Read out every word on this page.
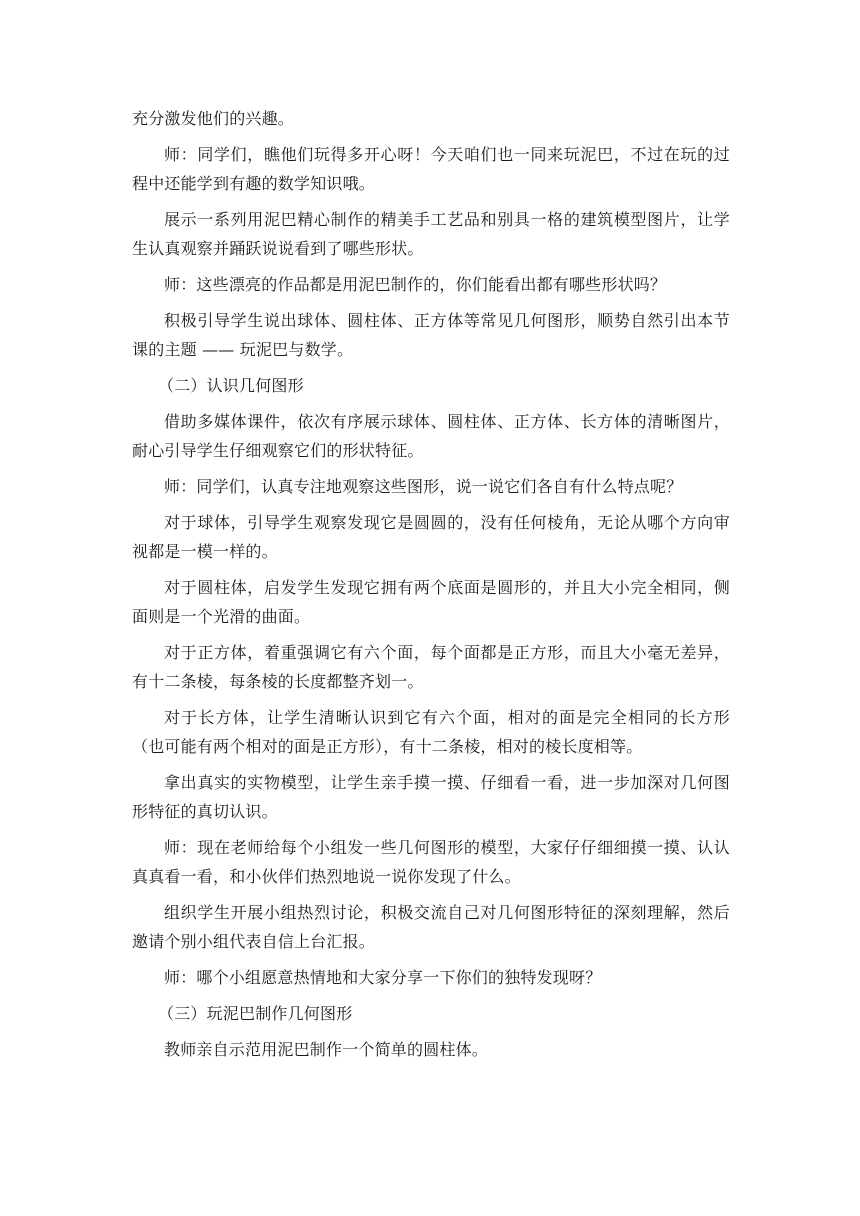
充分激发他们的兴趣。

师：同学们，瞧他们玩得多开心呀！今天咱们也一同来玩泥巴，不过在玩的过程中还能学到有趣的数学知识哦。

展示一系列用泥巴精心制作的精美手工艺品和别具一格的建筑模型图片，让学生认真观察并踊跃说说看到了哪些形状。

师：这些漂亮的作品都是用泥巴制作的，你们能看出都有哪些形状吗？

积极引导学生说出球体、圆柱体、正方体等常见几何图形，顺势自然引出本节课的主题 —— 玩泥巴与数学。

（二）认识几何图形

借助多媒体课件，依次有序展示球体、圆柱体、正方体、长方体的清晰图片，耐心引导学生仔细观察它们的形状特征。

师：同学们，认真专注地观察这些图形，说一说它们各自有什么特点呢？

对于球体，引导学生观察发现它是圆圆的，没有任何棱角，无论从哪个方向审视都是一模一样的。

对于圆柱体，启发学生发现它拥有两个底面是圆形的，并且大小完全相同，侧面则是一个光滑的曲面。

对于正方体，着重强调它有六个面，每个面都是正方形，而且大小毫无差异，有十二条棱，每条棱的长度都整齐划一。

对于长方体，让学生清晰认识到它有六个面，相对的面是完全相同的长方形（也可能有两个相对的面是正方形），有十二条棱，相对的棱长度相等。

拿出真实的实物模型，让学生亲手摸一摸、仔细看一看，进一步加深对几何图形特征的真切认识。

师：现在老师给每个小组发一些几何图形的模型，大家仔仔细细摸一摸、认认真真看一看，和小伙伴们热烈地说一说你发现了什么。

组织学生开展小组热烈讨论，积极交流自己对几何图形特征的深刻理解，然后邀请个别小组代表自信上台汇报。

师：哪个小组愿意热情地和大家分享一下你们的独特发现呀？

（三）玩泥巴制作几何图形

教师亲自示范用泥巴制作一个简单的圆柱体。
